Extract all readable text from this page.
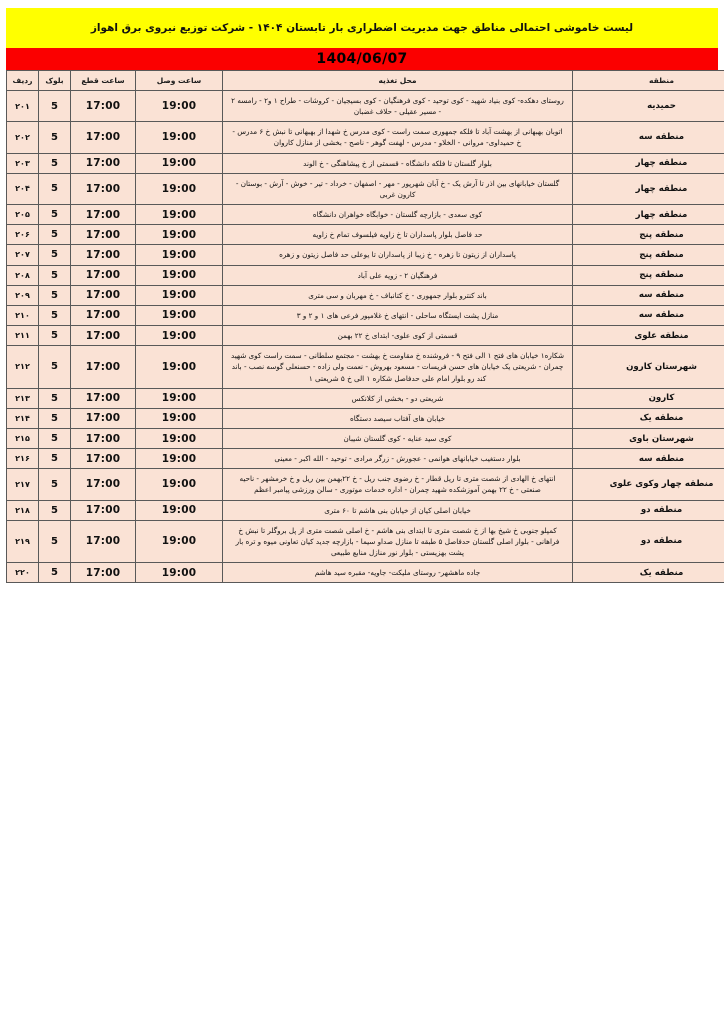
لیست خاموشی احتمالی مناطق جهت مدیریت اضطراری بار تابستان ۱۴۰۴ - شرکت توزیع نیروی برق اهواز
1404/06/07
منطقه	محل تغذیه	ساعت وصل	ساعت قطع	بلوک	ردیف
حمیدیه	روستای دهکده- کوی بنیاد شهید - کوی توحید - کوی فرهنگیان - کوی بسیجیان - کروشات - طراح ۱ و۲ - رامسه ۲ - مسیر عقیلی - حلاف غضبان	19:00	17:00	5	۲۰۱
منطقه سه	اتوبان بهبهانی از بهشت آباد تا فلکه جمهوری سمت راست - کوی مدرس خ شهدا از بهبهانی تا نبش خ ۶ مدرس - خ حمیداوی- مروانی - الخلاو - مدرس - لهفت گوهر - ناصح - بخشی از منازل کاروان	19:00	17:00	5	۲۰۲
منطقه چهار	بلوار گلستان تا فلکه دانشگاه - قسمتی از خ پیشاهنگی - خ الوند	19:00	17:00	5	۲۰۳
منطقه چهار	گلستان خیابانهای بین اذر تا آرش یک - خ آبان شهرپور - مهر - اصفهان - خرداد - تیر - خوش - آرش - بوستان - کارون غربی	19:00	17:00	5	۲۰۴
منطقه چهار	کوی سعدی - بازارچه گلستان - خوابگاه خواهران دانشگاه	19:00	17:00	5	۲۰۵
منطقه پنج	حد فاصل بلوار پاسداران تا خ زاویه فیلسوف تمام خ زاویه	19:00	17:00	5	۲۰۶
منطقه پنج	پاسداران از زیتون تا زهره - خ زیبا از پاسداران تا یوعلی حد فاصل زیتون و زهره	19:00	17:00	5	۲۰۷
منطقه پنج	فرهنگیان ۲ - زویه علی آباد	19:00	17:00	5	۲۰۸
منطقه سه	باند کنترو بلوار جمهوری - خ کتانباف - خ مهربان و سی متری	19:00	17:00	5	۲۰۹
منطقه سه	منازل پشت ایستگاه ساحلی - انتهای خ غلامپور فرعی های ۱ و ۲ و ۳	19:00	17:00	5	۲۱۰
منطقه علوی	قسمتی از کوی علوی- ابتدای خ ۲۲ بهمن	19:00	17:00	5	۲۱۱
شهرستان کارون	شکاره۱ خیابان های فتح ۱ الی فتح ۹ - فروشنده خ مقاومت خ بهشت - مجتمع سلطانی - سمت راست کوی شهید چمران - شریعتی یک خیابان های حسن فریسات - مسعود بهروش - نعمت ولی زاده - حسنعلی گوسه نصب - باند کند رو بلوار امام علی حدفاصل شکاره ۱ الی خ ۵ شریعتی ۱	19:00	17:00	5	۲۱۲
کارون	شریعتی دو - بخشی از کلانکس	19:00	17:00	5	۲۱۳
منطقه یک	خیابان های آفتاب سیصد دستگاه	19:00	17:00	5	۲۱۴
شهرستان باوی	کوی سید عنایه - کوی گلستان شیبان	19:00	17:00	5	۲۱۵
منطقه سه	بلوار دستغیب خیابانهای هوانمی - عجورش - زرگر مرادی - توحید - الله اکبر - معینی	19:00	17:00	5	۲۱۶
منطقه چهار وکوی علوی	انتهای خ الهادی از شصت متری تا ریل قطار - خ رضوی جنب ریل - خ ۲۲بهمن بین ریل و خ خرمشهر - ناحیه صنعتی - خ ۲۲ بهمن آموزشکده شهید چمران - اداره خدمات موتوری - سالن ورزشی پیامبر اعظم	19:00	17:00	5	۲۱۷
منطقه دو	خیابان اصلی کیان از خیابان بنی هاشم تا ۶۰ متری	19:00	17:00	5	۲۱۸
منطقه دو	کمپلو جنوبی خ شیخ بها از خ شصت متری تا ابتدای بنی هاشم - خ اصلی شصت متری از پل بروگلر تا نبش خ فراهانی - بلوار اصلی گلستان حدفاصل ۵ طبقه تا منازل صداو سیما - بازارچه جدید کیان تعاونی میوه و تره بار پشت بهزیستی - بلوار نور منازل منابع طبیعی	19:00	17:00	5	۲۱۹
منطقه یک	جاده ماهشهر- روستای ملیکت- جاویه- مقبره سید هاشم	19:00	17:00	5	۲۲۰
